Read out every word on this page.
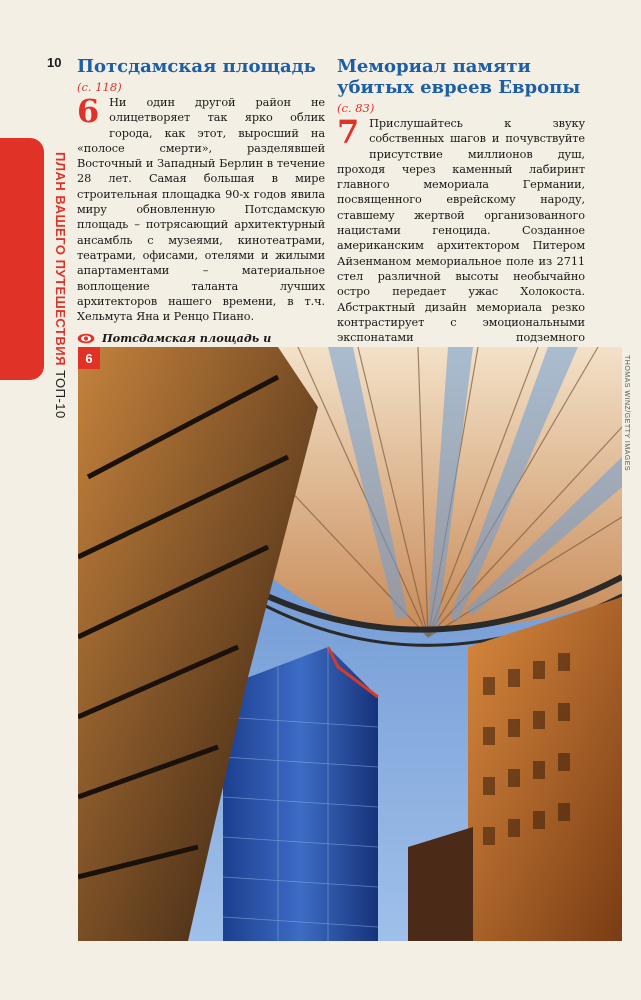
10
ПЛАН ВАШЕГО ПУТЕШЕСТВИЯ ТОП-10
Потсдамская площадь
(с. 118)

6 Ни один другой район не олицетворяет так ярко облик города, как этот, выросший на «полосе смерти», разделявшей Восточный и Западный Берлин в течение 28 лет. Самая большая в мире строительная площадка 90-х годов явила миру обновленную Потсдамскую площадь – потрясающий архитектурный ансамбль с музеями, кинотеатрами, театрами, офисами, отелями и жилыми апартаментами – материальное воплощение таланта лучших архитекторов нашего времени, в т.ч. Хельмута Яна и Ренцо Пиано.

Потсдамская площадь и
Мемориал памяти убитых евреев Европы
(с. 83)

7 Прислушайтесь к звуку собственных шагов и почувствуйте присутствие миллионов душ, проходя через каменный лабиринт главного мемориала Германии, посвященного еврейскому народу, ставшему жертвой организованного нацистами геноцида. Созданное американским архитектором Питером Айзенманом мемориальное поле из 2711 стел различной высоты необычайно остро передает ужас Холокоста. Абстрактный дизайн мемориала резко контрастирует с эмоциональными экспонатами подземного

6	THOMAS WINZ/GETTY IMAGES
